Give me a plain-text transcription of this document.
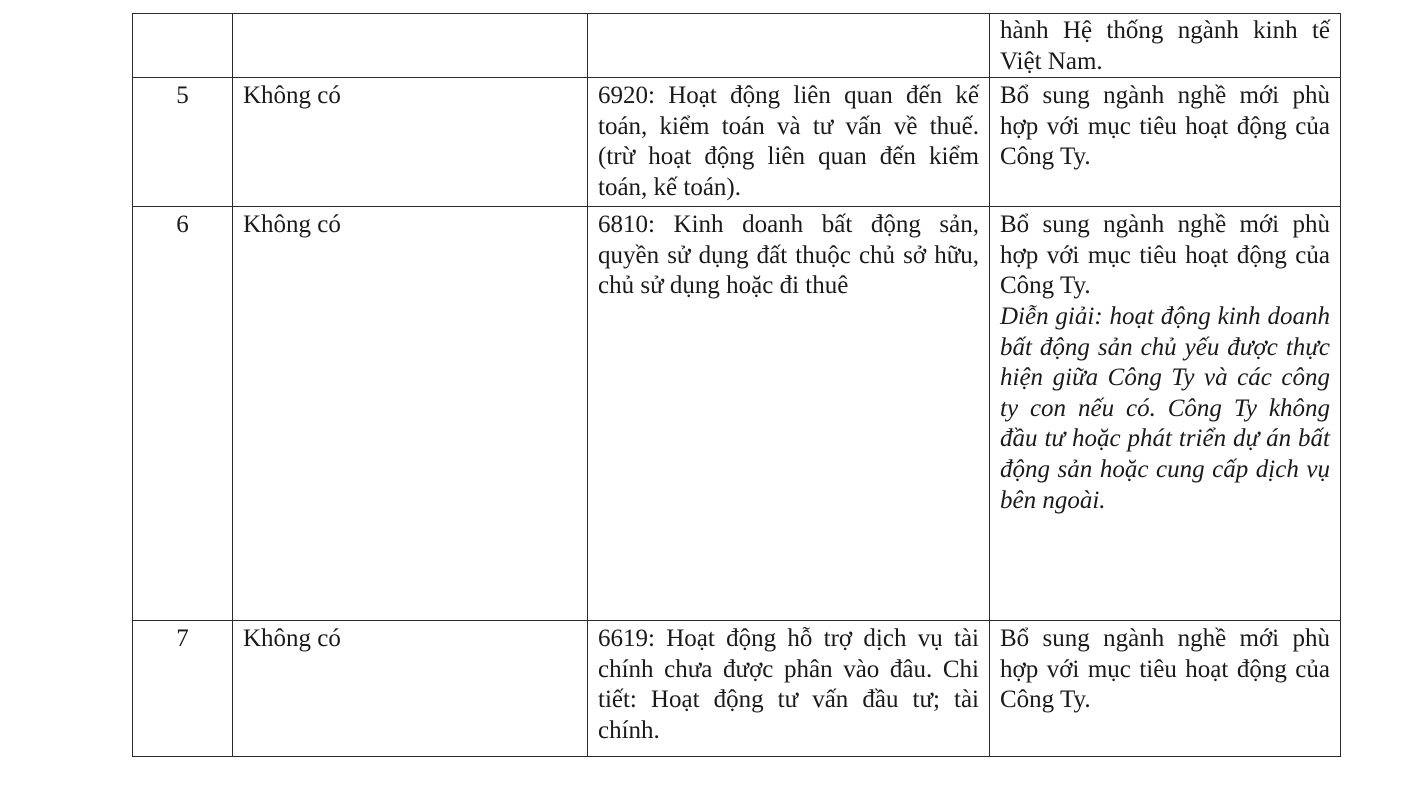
			hành Hệ thống ngành kinh tế Việt Nam.

5	Không có	6920: Hoạt động liên quan đến kế toán, kiểm toán và tư vấn về thuế. (trừ hoạt động liên quan đến kiểm toán, kế toán).	Bổ sung ngành nghề mới phù hợp với mục tiêu hoạt động của Công Ty.

6	Không có	6810: Kinh doanh bất động sản, quyền sử dụng đất thuộc chủ sở hữu, chủ sử dụng hoặc đi thuê	Bổ sung ngành nghề mới phù hợp với mục tiêu hoạt động của Công Ty.
Diễn giải: hoạt động kinh doanh bất động sản chủ yếu được thực hiện giữa Công Ty và các công ty con nếu có. Công Ty không đầu tư hoặc phát triển dự án bất động sản hoặc cung cấp dịch vụ bên ngoài.

7	Không có	6619: Hoạt động hỗ trợ dịch vụ tài chính chưa được phân vào đâu. Chi tiết: Hoạt động tư vấn đầu tư; tài chính.	Bổ sung ngành nghề mới phù hợp với mục tiêu hoạt động của Công Ty.
